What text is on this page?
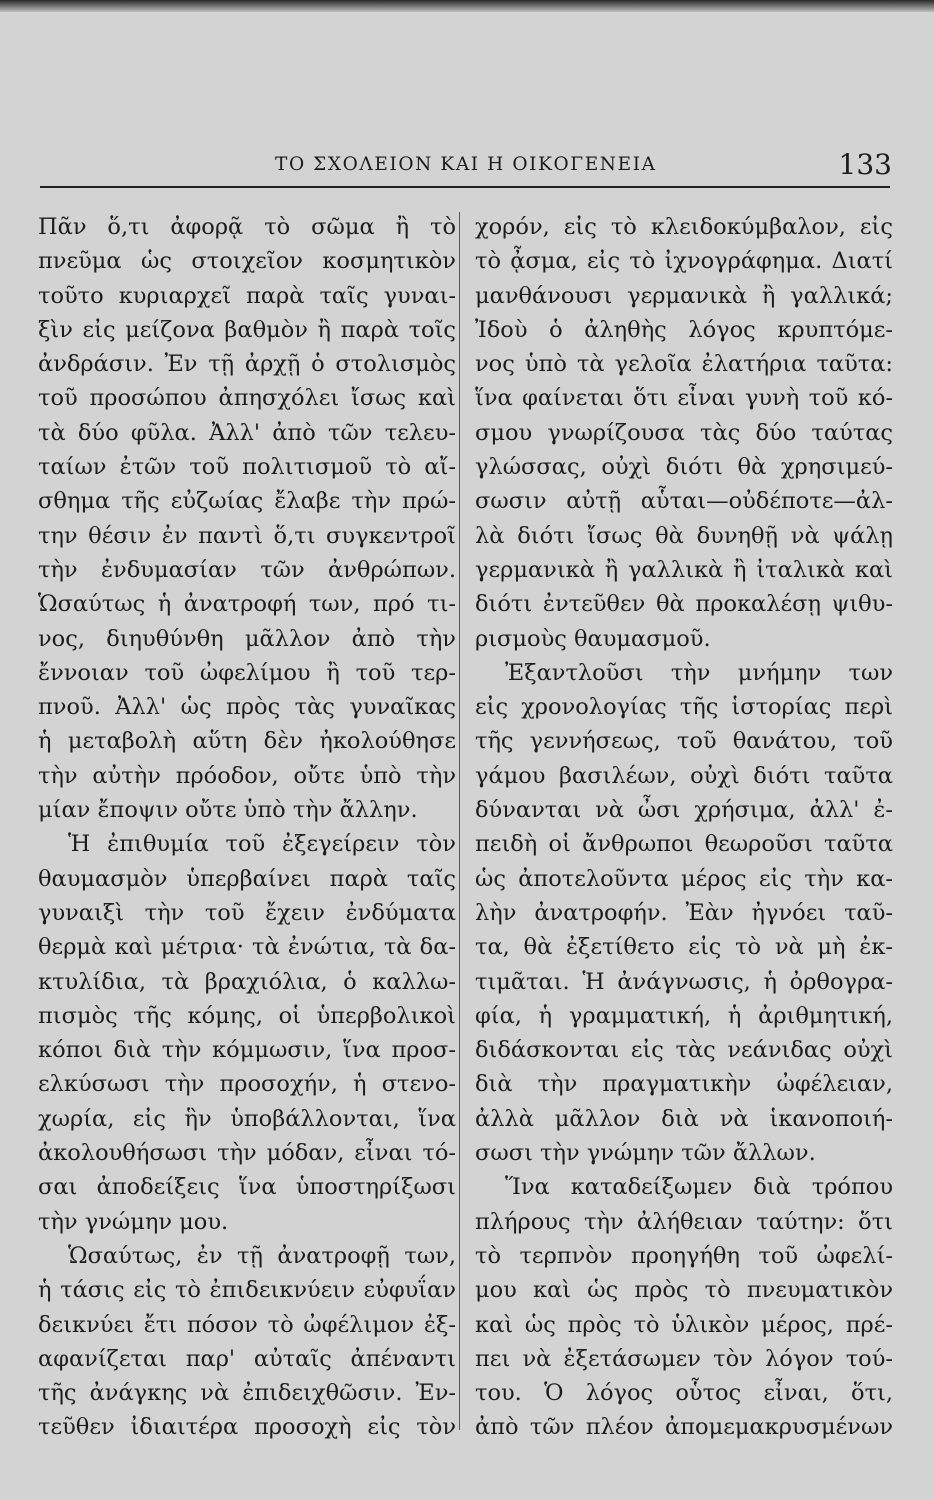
ΤΟ ΣΧΟΛΕΙΟΝ ΚΑΙ Η ΟΙΚΟΓΕΝΕΙΑ	133
Πᾶν ὅ,τι ἀφορᾷ τὸ σῶμα ἢ τὸ
πνεῦμα ὡς στοιχεῖον κοσμητικὸν
τοῦτο κυριαρχεῖ παρὰ ταῖς γυναι-
ξὶν εἰς μείζονα βαθμὸν ἢ παρὰ τοῖς
ἀνδράσιν. Ἐν τῇ ἀρχῇ ὁ στολισμὸς
τοῦ προσώπου ἀπησχόλει ἴσως καὶ
τὰ δύο φῦλα. Ἀλλ' ἀπὸ τῶν τελευ-
ταίων ἐτῶν τοῦ πολιτισμοῦ τὸ αἴ-
σθημα τῆς εὐζωίας ἔλαβε τὴν πρώ-
την θέσιν ἐν παντὶ ὅ,τι συγκεντροῖ
τὴν ἐνδυμασίαν τῶν ἀνθρώπων.
Ὡσαύτως ἡ ἀνατροφή των, πρό τι-
νος, διηυθύνθη μᾶλλον ἀπὸ τὴν
ἔννοιαν τοῦ ὠφελίμου ἢ τοῦ τερ-
πνοῦ. Ἀλλ' ὡς πρὸς τὰς γυναῖκας
ἡ μεταβολὴ αὕτη δὲν ἠκολούθησε
τὴν αὐτὴν πρόοδον, οὔτε ὑπὸ τὴν
μίαν ἔποψιν οὔτε ὑπὸ τὴν ἄλλην.
Ἡ ἐπιθυμία τοῦ ἐξεγείρειν τὸν
θαυμασμὸν ὑπερβαίνει παρὰ ταῖς
γυναιξὶ τὴν τοῦ ἔχειν ἐνδύματα
θερμὰ καὶ μέτρια· τὰ ἐνώτια, τὰ δα-
κτυλίδια, τὰ βραχιόλια, ὁ καλλω-
πισμὸς τῆς κόμης, οἱ ὑπερβολικοὶ
κόποι διὰ τὴν κόμμωσιν, ἵνα προσ-
ελκύσωσι τὴν προσοχήν, ἡ στενο-
χωρία, εἰς ἣν ὑποβάλλονται, ἵνα
ἀκολουθήσωσι τὴν μόδαν, εἶναι τό-
σαι ἀποδείξεις ἵνα ὑποστηρίξωσι
τὴν γνώμην μου.
Ὡσαύτως, ἐν τῇ ἀνατροφῇ των,
ἡ τάσις εἰς τὸ ἐπιδεικνύειν εὐφυΐαν
δεικνύει ἔτι πόσον τὸ ὠφέλιμον ἐξ-
αφανίζεται παρ' αὐταῖς ἀπέναντι
τῆς ἀνάγκης νὰ ἐπιδειχθῶσιν. Ἐν-
τεῦθεν ἰδιαιτέρα προσοχὴ εἰς τὸν
χορόν, εἰς τὸ κλειδοκύμβαλον, εἰς
τὸ ᾆσμα, εἰς τὸ ἰχνογράφημα. Διατί
μανθάνουσι γερμανικὰ ἢ γαλλικά;
Ἰδοὺ ὁ ἀληθὴς λόγος κρυπτόμε-
νος ὑπὸ τὰ γελοῖα ἐλατήρια ταῦτα:
ἵνα φαίνεται ὅτι εἶναι γυνὴ τοῦ κό-
σμου γνωρίζουσα τὰς δύο ταύτας
γλώσσας, οὐχὶ διότι θὰ χρησιμεύ-
σωσιν αὐτῇ αὗται—οὐδέποτε—ἀλ-
λὰ διότι ἴσως θὰ δυνηθῇ νὰ ψάλῃ
γερμανικὰ ἢ γαλλικὰ ἢ ἰταλικὰ καὶ
διότι ἐντεῦθεν θὰ προκαλέσῃ ψιθυ-
ρισμοὺς θαυμασμοῦ.
Ἐξαντλοῦσι τὴν μνήμην των
εἰς χρονολογίας τῆς ἱστορίας περὶ
τῆς γεννήσεως, τοῦ θανάτου, τοῦ
γάμου βασιλέων, οὐχὶ διότι ταῦτα
δύνανται νὰ ὦσι χρήσιμα, ἀλλ' ἐ-
πειδὴ οἱ ἄνθρωποι θεωροῦσι ταῦτα
ὡς ἀποτελοῦντα μέρος εἰς τὴν κα-
λὴν ἀνατροφήν. Ἐὰν ἠγνόει ταῦ-
τα, θὰ ἐξετίθετο εἰς τὸ νὰ μὴ ἐκ-
τιμᾶται. Ἡ ἀνάγνωσις, ἡ ὀρθογρα-
φία, ἡ γραμματική, ἡ ἀριθμητική,
διδάσκονται εἰς τὰς νεάνιδας οὐχὶ
διὰ τὴν πραγματικὴν ὠφέλειαν,
ἀλλὰ μᾶλλον διὰ νὰ ἱκανοποιή-
σωσι τὴν γνώμην τῶν ἄλλων.
Ἵνα καταδείξωμεν διὰ τρόπου
πλήρους τὴν ἀλήθειαν ταύτην: ὅτι
τὸ τερπνὸν προηγήθη τοῦ ὠφελί-
μου καὶ ὡς πρὸς τὸ πνευματικὸν
καὶ ὡς πρὸς τὸ ὑλικὸν μέρος, πρέ-
πει νὰ ἐξετάσωμεν τὸν λόγον τού-
του. Ὁ λόγος οὗτος εἶναι, ὅτι,
ἀπὸ τῶν πλέον ἀπομεμακρυσμένων
